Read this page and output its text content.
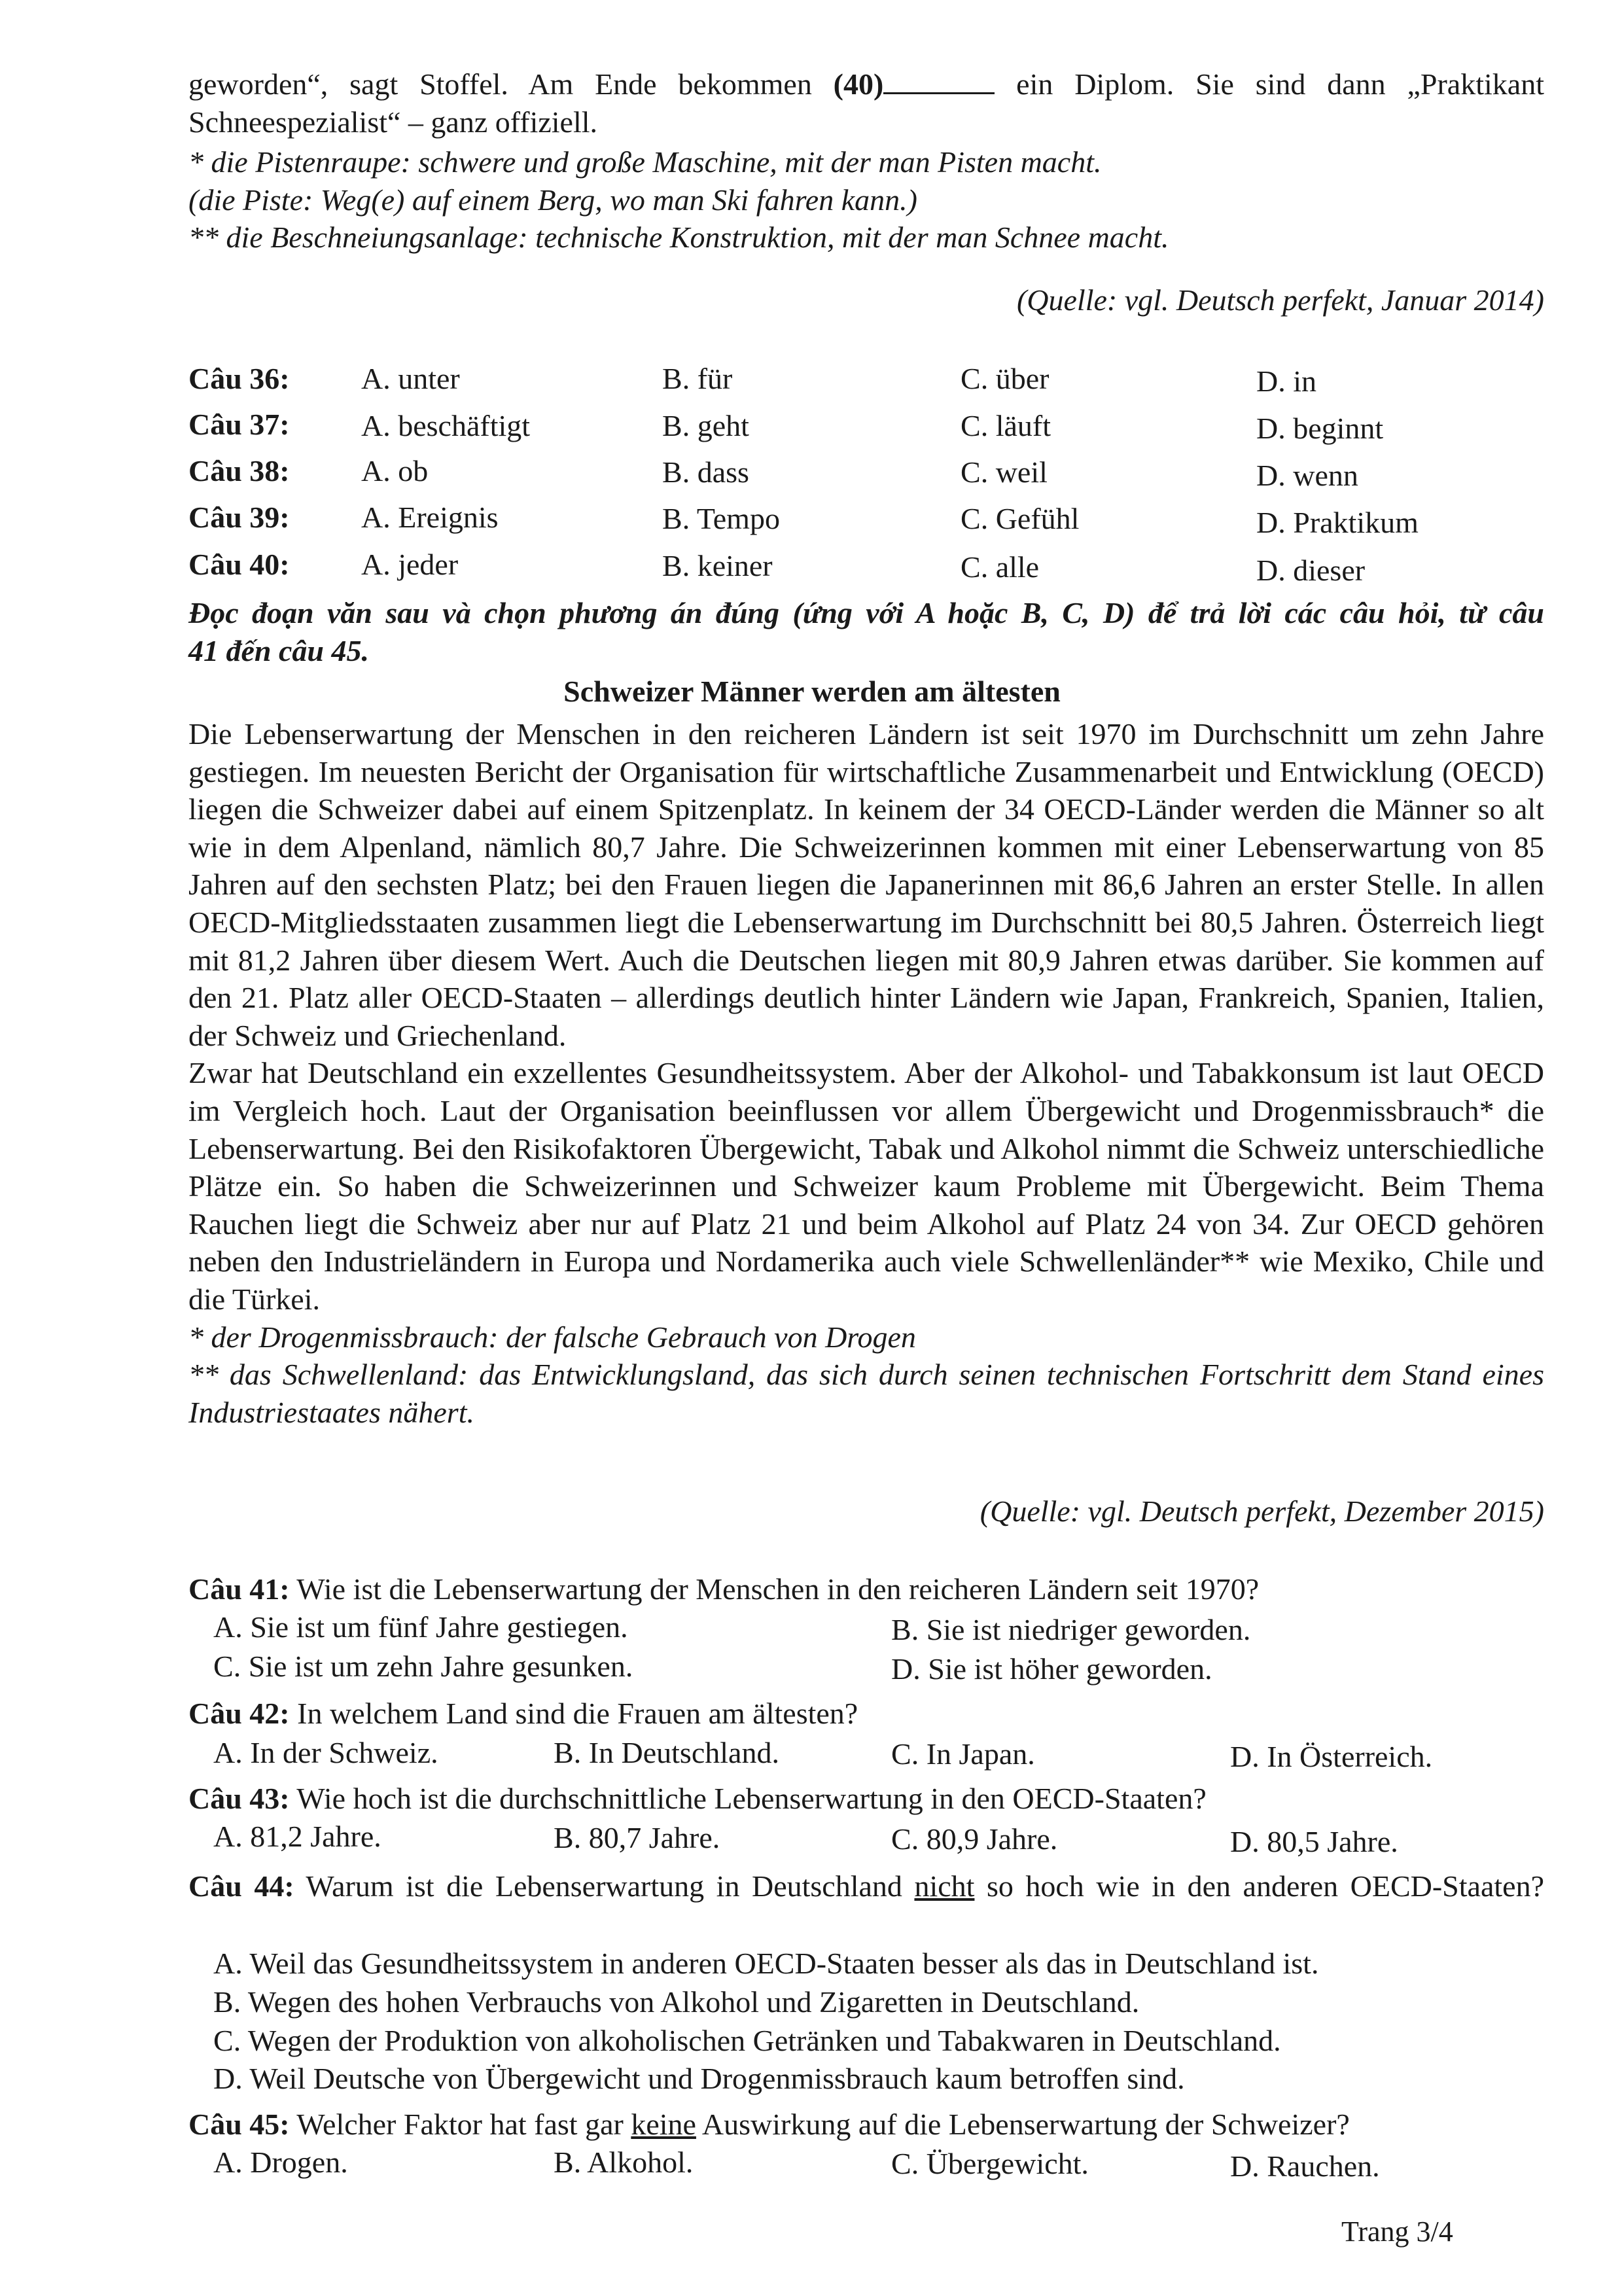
geworden“, sagt Stoffel. Am Ende bekommen (40)	ein Diplom. Sie sind dann „Praktikant

Schneespezialist“ – ganz offiziell.

* die Pistenraupe: schwere und große Maschine, mit der man Pisten macht.

(die Piste: Weg(e) auf einem Berg, wo man Ski fahren kann.)

** die Beschneiungsanlage: technische Konstruktion, mit der man Schnee macht.

(Quelle: vgl. Deutsch perfekt, Januar 2014)
Câu 36: A. unter	B. für	C. über	D. in
Câu 37: A. beschäftigt	B. geht	C. läuft	D. beginnt
Câu 38: A. ob	B. dass	C. weil	D. wenn
Câu 39: A. Ereignis	B. Tempo	C. Gefühl	D. Praktikum
Câu 40: A. jeder	B. keiner	C. alle	D. dieser

Đọc đoạn văn sau và chọn phương án đúng (ứng với A hoặc B, C, D) để trả lời các câu hỏi, từ câu

41 đến câu 45.

Schweizer Männer werden am ältesten

Die Lebenserwartung der Menschen in den reicheren Ländern ist seit 1970 im Durchschnitt um zehn Jahre gestiegen. Im neuesten Bericht der Organisation für wirtschaftliche Zusammenarbeit und Entwicklung (OECD) liegen die Schweizer dabei auf einem Spitzenplatz. In keinem der 34 OECD-Länder werden die Männer so alt wie in dem Alpenland, nämlich 80,7 Jahre. Die Schweizerinnen kommen mit einer Lebenserwartung von 85 Jahren auf den sechsten Platz; bei den Frauen liegen die Japanerinnen mit 86,6 Jahren an erster Stelle. In allen OECD-Mitgliedsstaaten zusammen liegt die Lebenserwartung im Durchschnitt bei 80,5 Jahren. Österreich liegt mit 81,2 Jahren über diesem Wert. Auch die Deutschen liegen mit 80,9 Jahren etwas darüber. Sie kommen auf den 21. Platz aller OECD-Staaten – allerdings deutlich hinter Ländern wie Japan, Frankreich, Spanien, Italien, der Schweiz und Griechenland.

Zwar hat Deutschland ein exzellentes Gesundheitssystem. Aber der Alkohol- und Tabakkonsum ist laut OECD im Vergleich hoch. Laut der Organisation beeinflussen vor allem Übergewicht und Drogenmissbrauch* die Lebenserwartung. Bei den Risikofaktoren Übergewicht, Tabak und Alkohol nimmt die Schweiz unterschiedliche Plätze ein. So haben die Schweizerinnen und Schweizer kaum Probleme mit Übergewicht. Beim Thema Rauchen liegt die Schweiz aber nur auf Platz 21 und beim Alkohol auf Platz 24 von 34. Zur OECD gehören neben den Industrieländern in Europa und Nordamerika auch viele Schwellenländer** wie Mexiko, Chile und die Türkei.

* der Drogenmissbrauch: der falsche Gebrauch von Drogen

** das Schwellenland: das Entwicklungsland, das sich durch seinen technischen Fortschritt dem Stand eines Industriestaates nähert.

(Quelle: vgl. Deutsch perfekt, Dezember 2015)
Câu 41: Wie ist die Lebenserwartung der Menschen in den reicheren Ländern seit 1970?
A. Sie ist um fünf Jahre gestiegen.	B. Sie ist niedriger geworden.
C. Sie ist um zehn Jahre gesunken.	D. Sie ist höher geworden.
Câu 42: In welchem Land sind die Frauen am ältesten?
A. In der Schweiz.	B. In Deutschland.	C. In Japan.	D. In Österreich.
Câu 43: Wie hoch ist die durchschnittliche Lebenserwartung in den OECD-Staaten?
A. 81,2 Jahre.	B. 80,7 Jahre.	C. 80,9 Jahre.	D. 80,5 Jahre.

Câu 44: Warum ist die Lebenserwartung in Deutschland nicht so hoch wie in den anderen OECD-Staaten?

A. Weil das Gesundheitssystem in anderen OECD-Staaten besser als das in Deutschland ist.
B. Wegen des hohen Verbrauchs von Alkohol und Zigaretten in Deutschland.
C. Wegen der Produktion von alkoholischen Getränken und Tabakwaren in Deutschland.
D. Weil Deutsche von Übergewicht und Drogenmissbrauch kaum betroffen sind.
Câu 45: Welcher Faktor hat fast gar keine Auswirkung auf die Lebenserwartung der Schweizer?
A. Drogen.	B. Alkohol.	C. Übergewicht.	D. Rauchen.
Trang 3/4
